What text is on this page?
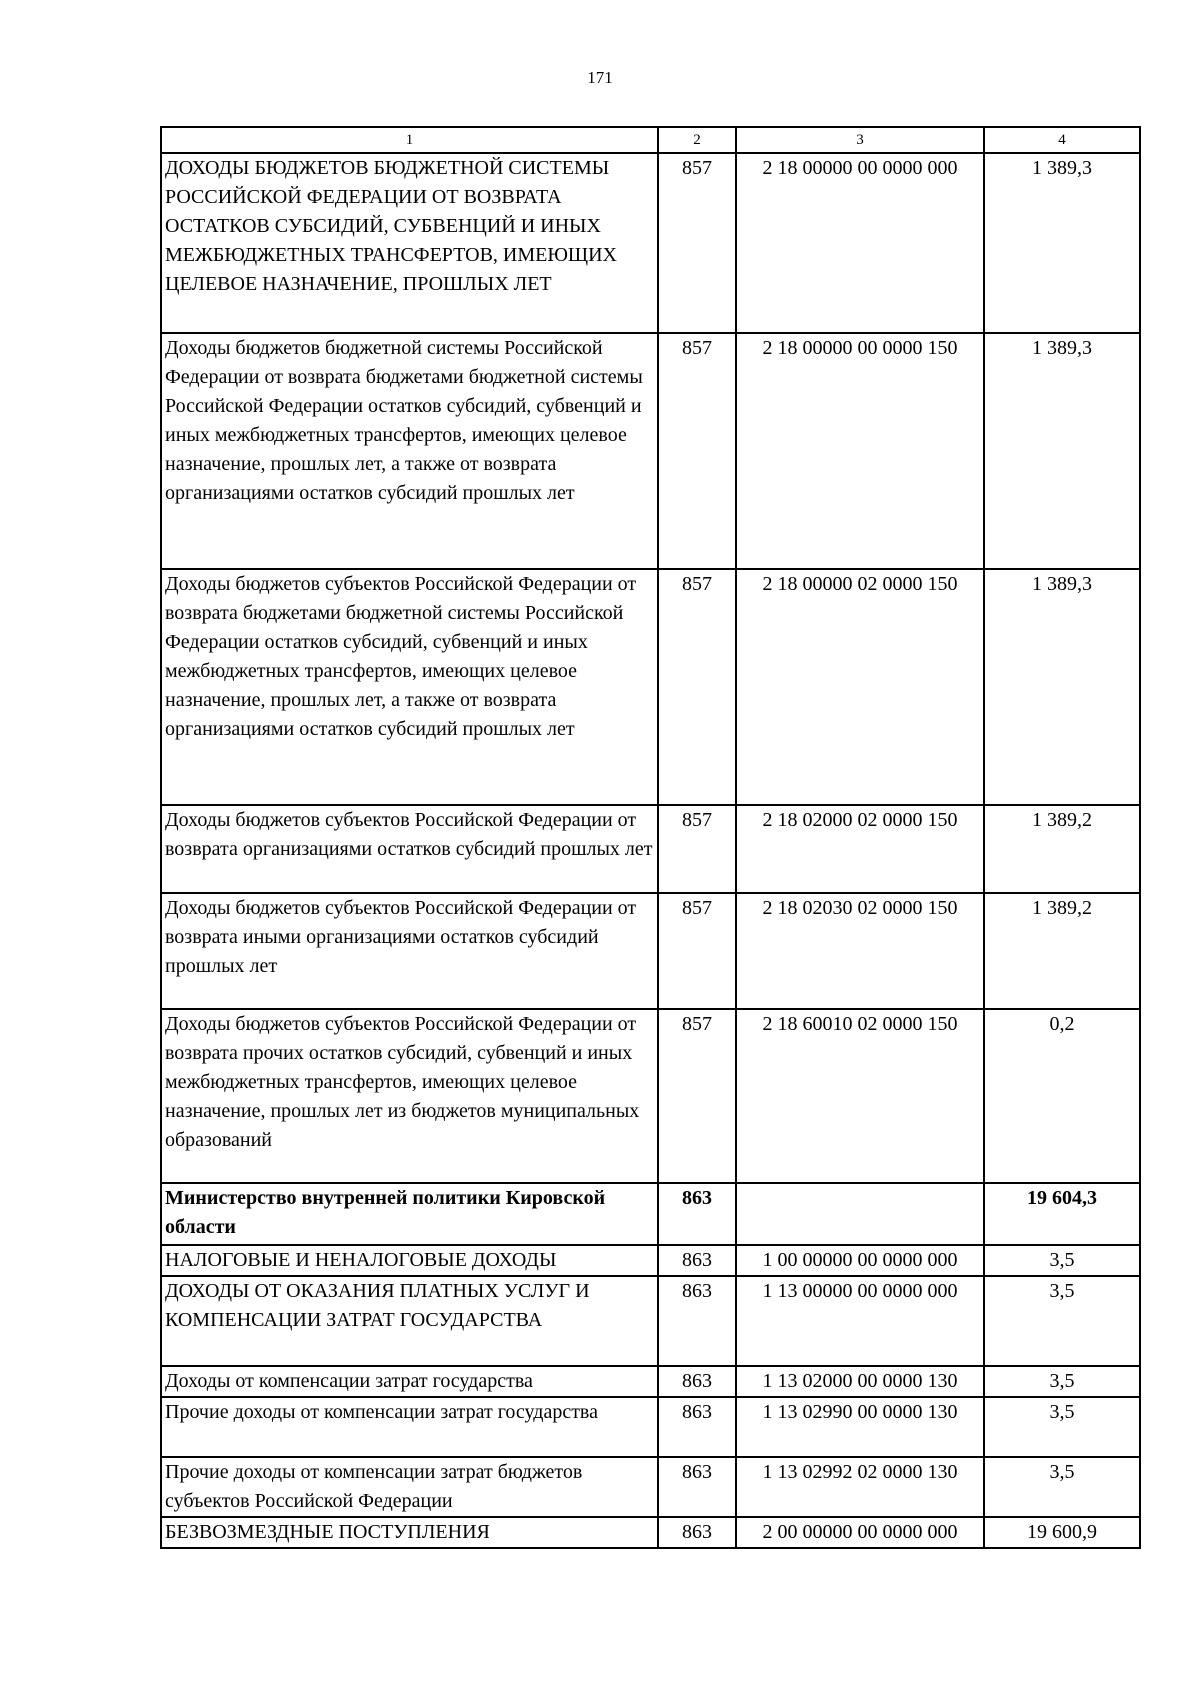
171
1	2	3	4
ДОХОДЫ БЮДЖЕТОВ БЮДЖЕТНОЙ СИСТЕМЫ РОССИЙСКОЙ ФЕДЕРАЦИИ ОТ ВОЗВРАТА ОСТАТКОВ СУБСИДИЙ, СУБВЕНЦИЙ И ИНЫХ МЕЖБЮДЖЕТНЫХ ТРАНСФЕРТОВ, ИМЕЮЩИХ ЦЕЛЕВОЕ НАЗНАЧЕНИЕ, ПРОШЛЫХ ЛЕТ	857	2 18 00000 00 0000 000	1 389,3
Доходы бюджетов бюджетной системы Российской Федерации от возврата бюджетами бюджетной системы Российской Федерации остатков субсидий, субвенций и иных межбюджетных трансфертов, имеющих целевое назначение, прошлых лет, а также от возврата организациями остатков субсидий прошлых лет	857	2 18 00000 00 0000 150	1 389,3
Доходы бюджетов субъектов Российской Федерации от возврата бюджетами бюджетной системы Российской Федерации остатков субсидий, субвенций и иных межбюджетных трансфертов, имеющих целевое назначение, прошлых лет, а также от возврата организациями остатков субсидий прошлых лет	857	2 18 00000 02 0000 150	1 389,3
Доходы бюджетов субъектов Российской Федерации от возврата организациями остатков субсидий прошлых лет	857	2 18 02000 02 0000 150	1 389,2
Доходы бюджетов субъектов Российской Федерации от возврата иными организациями остатков субсидий прошлых лет	857	2 18 02030 02 0000 150	1 389,2
Доходы бюджетов субъектов Российской Федерации от возврата прочих остатков субсидий, субвенций и иных межбюджетных трансфертов, имеющих целевое назначение, прошлых лет из бюджетов муниципальных образований	857	2 18 60010 02 0000 150	0,2
Министерство внутренней политики Кировской области	863		19 604,3
НАЛОГОВЫЕ И НЕНАЛОГОВЫЕ ДОХОДЫ	863	1 00 00000 00 0000 000	3,5
ДОХОДЫ ОТ ОКАЗАНИЯ ПЛАТНЫХ УСЛУГ И КОМПЕНСАЦИИ ЗАТРАТ ГОСУДАРСТВА	863	1 13 00000 00 0000 000	3,5
Доходы от компенсации затрат государства	863	1 13 02000 00 0000 130	3,5
Прочие доходы от компенсации затрат государства	863	1 13 02990 00 0000 130	3,5
Прочие доходы от компенсации затрат бюджетов субъектов Российской Федерации	863	1 13 02992 02 0000 130	3,5
БЕЗВОЗМЕЗДНЫЕ ПОСТУПЛЕНИЯ	863	2 00 00000 00 0000 000	19 600,9
